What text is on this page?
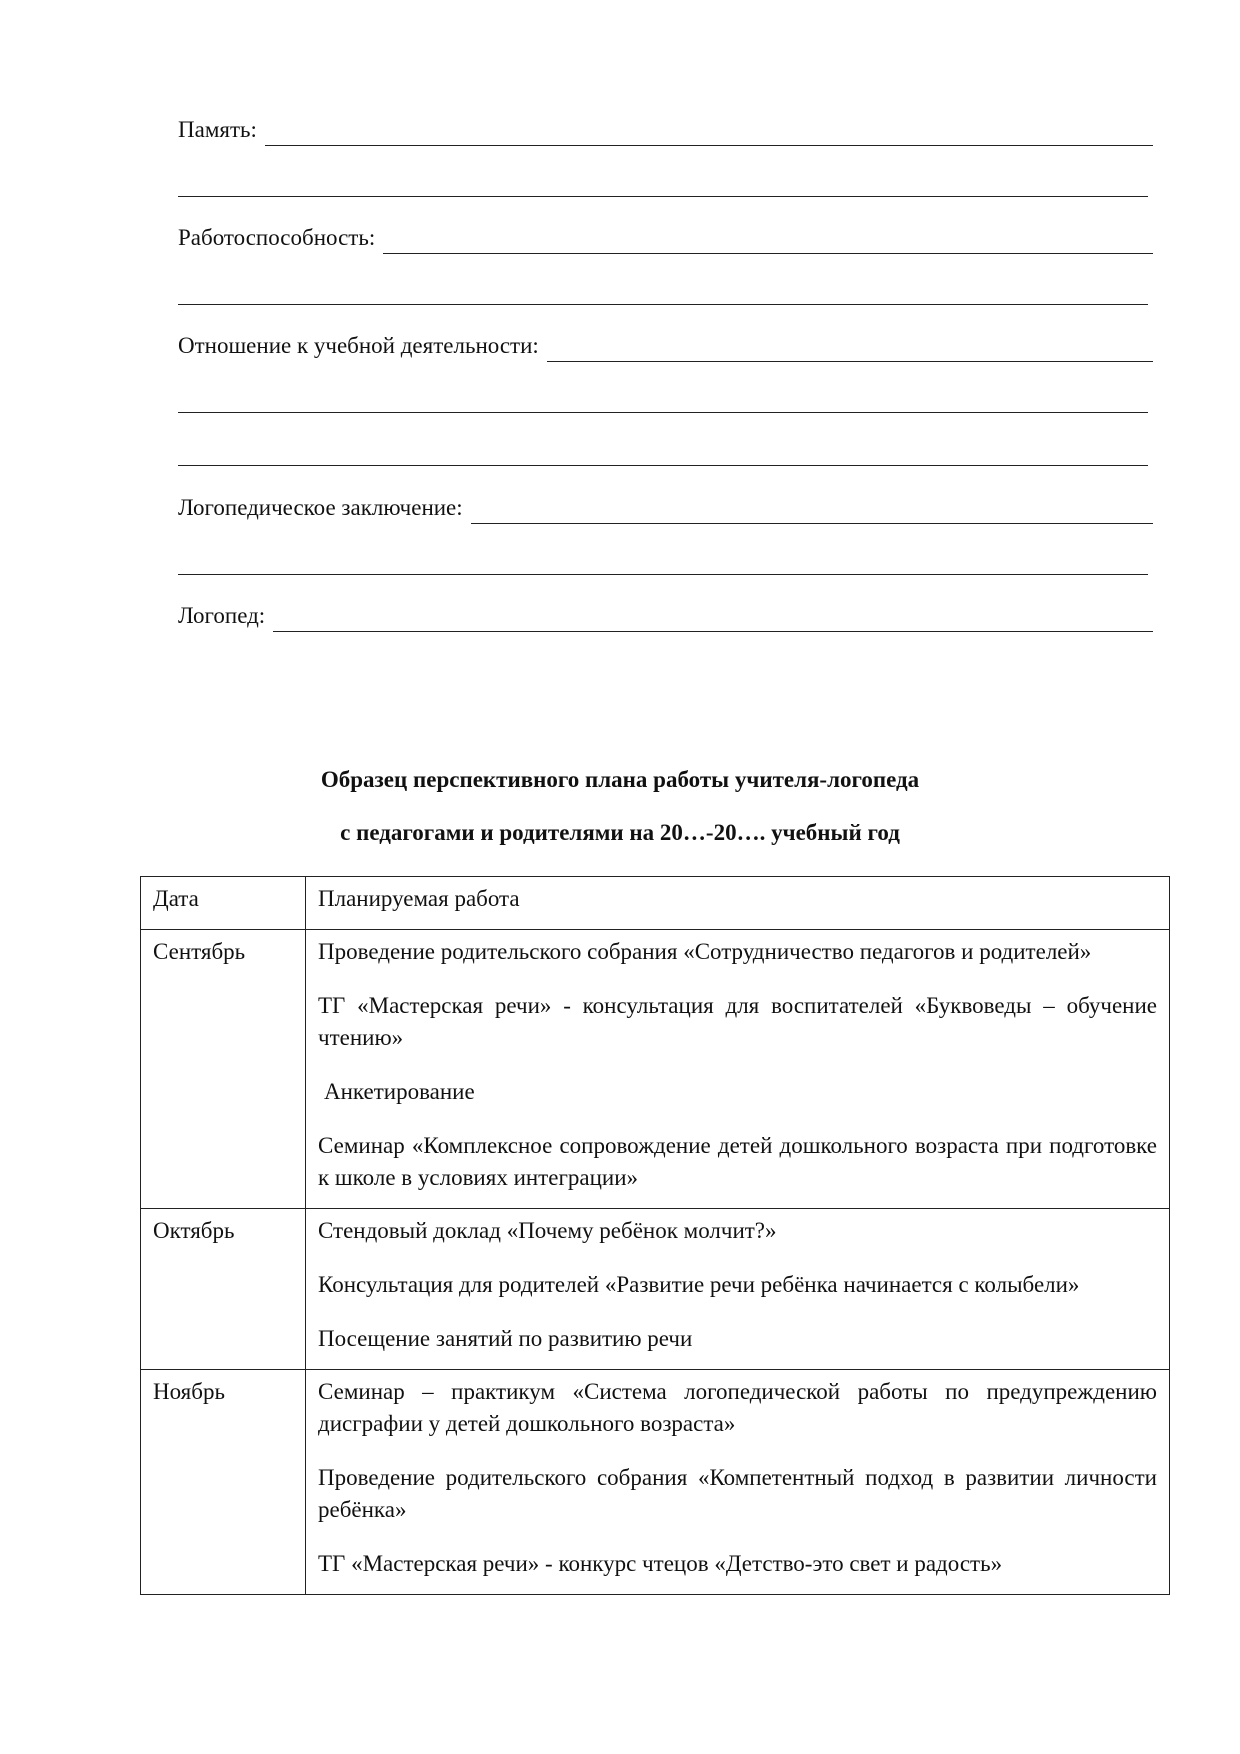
Память:
Работоспособность:
Отношение к учебной деятельности:
Логопедическое заключение:
Логопед:
Образец перспективного плана работы учителя-логопеда
с педагогами и родителями на 20…-20…. учебный год
Дата	Планируемая работа
Сентябрь	Проведение родительского собрания «Сотрудничество педагогов и родителей»

ТГ «Мастерская речи» - консультация для воспитателей «Буквоведы – обучение чтению»

Анкетирование

Семинар «Комплексное сопровождение детей дошкольного возраста при подготовке к школе в условиях интеграции»

Октябрь	Стендовый доклад «Почему ребёнок молчит?»

Консультация для родителей «Развитие речи ребёнка начинается с колыбели»

Посещение занятий по развитию речи

Ноябрь	Семинар – практикум «Система логопедической работы по предупреждению дисграфии у детей дошкольного возраста»

Проведение родительского собрания «Компетентный подход в развитии личности ребёнка»

ТГ «Мастерская речи» - конкурс чтецов «Детство-это свет и радость»
